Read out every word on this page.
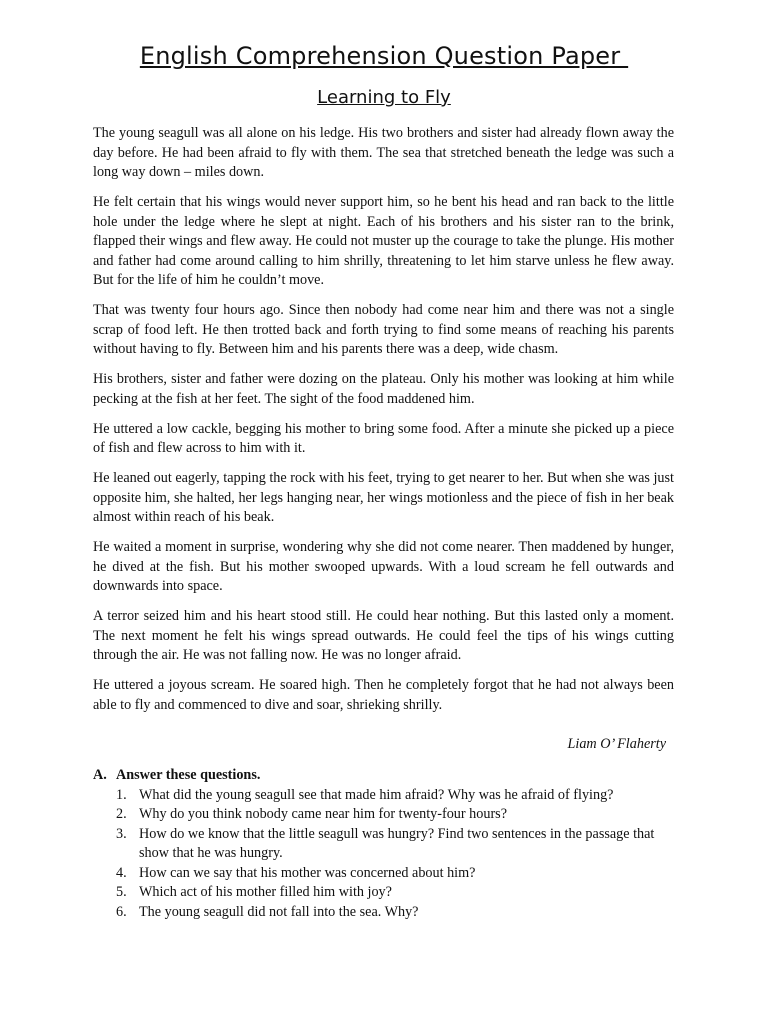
English Comprehension Question Paper
Learning to Fly

The young seagull was all alone on his ledge. His two brothers and sister had already flown away the day before. He had been afraid to fly with them. The sea that stretched beneath the ledge was such a long way down – miles down.

He felt certain that his wings would never support him, so he bent his head and ran back to the little hole under the ledge where he slept at night. Each of his brothers and his sister ran to the brink, flapped their wings and flew away. He could not muster up the courage to take the plunge. His mother and father had come around calling to him shrilly, threatening to let him starve unless he flew away. But for the life of him he couldn’t move.

That was twenty four hours ago. Since then nobody had come near him and there was not a single scrap of food left. He then trotted back and forth trying to find some means of reaching his parents without having to fly. Between him and his parents there was a deep, wide chasm.

His brothers, sister and father were dozing on the plateau. Only his mother was looking at him while pecking at the fish at her feet. The sight of the food maddened him.

He uttered a low cackle, begging his mother to bring some food. After a minute she picked up a piece of fish and flew across to him with it.

He leaned out eagerly, tapping the rock with his feet, trying to get nearer to her. But when she was just opposite him, she halted, her legs hanging near, her wings motionless and the piece of fish in her beak almost within reach of his beak.

He waited a moment in surprise, wondering why she did not come nearer. Then maddened by hunger, he dived at the fish. But his mother swooped upwards. With a loud scream he fell outwards and downwards into space.

A terror seized him and his heart stood still. He could hear nothing. But this lasted only a moment. The next moment he felt his wings spread outwards. He could feel the tips of his wings cutting through the air. He was not falling now. He was no longer afraid.

He uttered a joyous scream. He soared high. Then he completely forgot that he had not always been able to fly and commenced to dive and soar, shrieking shrilly.

Liam O’ Flaherty

A. Answer these questions.

1. What did the young seagull see that made him afraid? Why was he afraid of flying?
2. Why do you think nobody came near him for twenty-four hours?
3. How do we know that the little seagull was hungry? Find two sentences in the passage that show that he was hungry.
4. How can we say that his mother was concerned about him?
5. Which act of his mother filled him with joy?
6. The young seagull did not fall into the sea. Why?
